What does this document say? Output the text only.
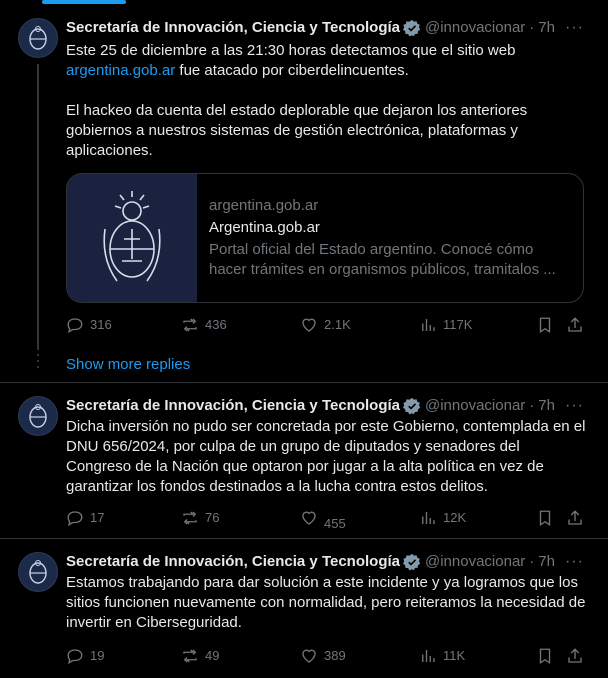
Secretaría de Innovación, Ciencia y Tecnología @innovacionar · 7h ···
Este 25 de diciembre a las 21:30 horas detectamos que el sitio web
argentina.gob.ar fue atacado por ciberdelincuentes.
El hackeo da cuenta del estado deplorable que dejaron los anteriores gobiernos a nuestros sistemas de gestión electrónica, plataformas y aplicaciones.
argentina.gob.ar
Argentina.gob.ar
Portal oficial del Estado argentino. Conocé cómo hacer trámites en organismos públicos, tramitalos ...
316	436	2.1K	117K
Show more replies
Secretaría de Innovación, Ciencia y Tecnología @innovacionar · 7h ···
Dicha inversión no pudo ser concretada por este Gobierno, contemplada en el DNU 656/2024, por culpa de un grupo de diputados y senadores del Congreso de la Nación que optaron por jugar a la alta política en vez de garantizar los fondos destinados a la lucha contra estos delitos.
17	76	455	12K
Secretaría de Innovación, Ciencia y Tecnología @innovacionar · 7h ···
Estamos trabajando para dar solución a este incidente y ya logramos que los sitios funcionen nuevamente con normalidad, pero reiteramos la necesidad de invertir en Ciberseguridad.
19	49	389	11K
